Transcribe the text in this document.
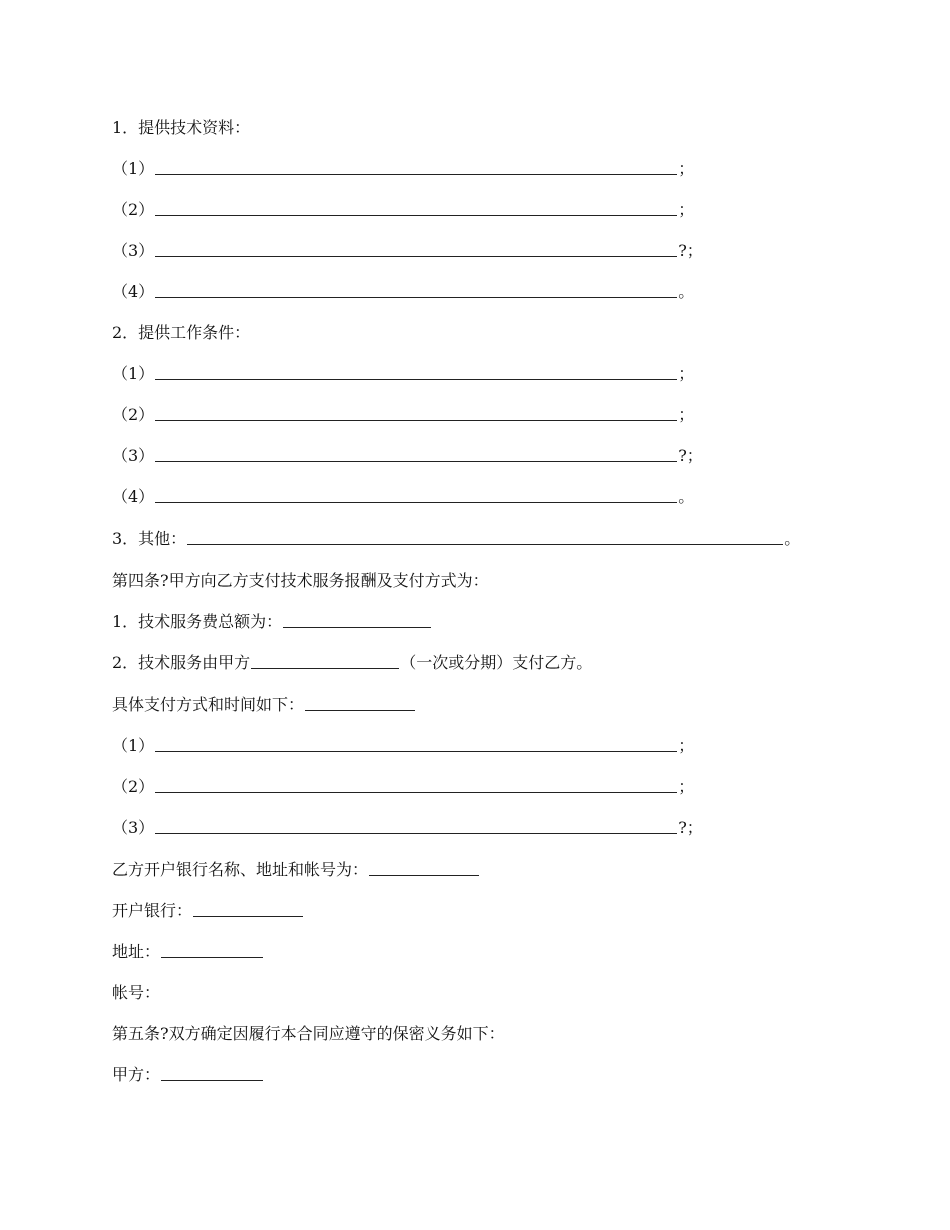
1．提供技术资料：
（1）	；
（2）	；
（3）	?；
（4）	。
2．提供工作条件：
（1）	；
（2）	；
（3）	?；
（4）	。
3．其他：	。
第四条?甲方向乙方支付技术服务报酬及支付方式为：
1．技术服务费总额为：
2．技术服务由甲方	（一次或分期）支付乙方。
具体支付方式和时间如下：
（1）	；
（2）	；
（3）	?；
乙方开户银行名称、地址和帐号为：
开户银行：
地址：
帐号：
第五条?双方确定因履行本合同应遵守的保密义务如下：
甲方：
